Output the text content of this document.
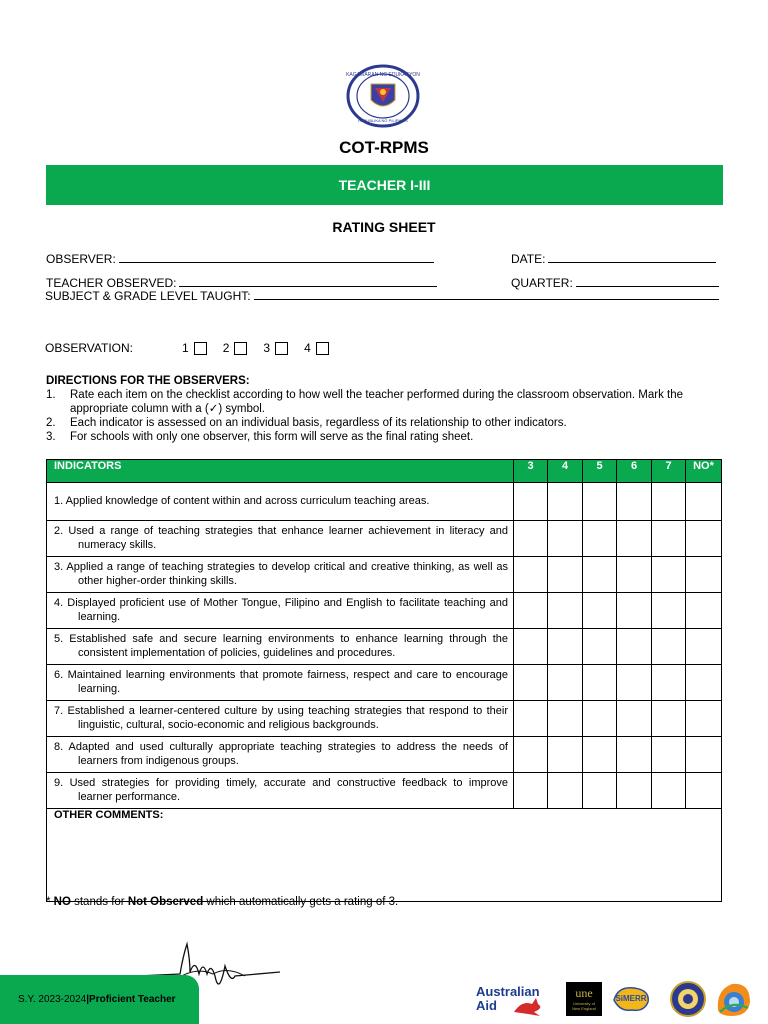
KAGAWARAN NG EDUKASYON
REPUBLIKA NG PILIPINAS
COT-RPMS
TEACHER I-III
RATING SHEET
OBSERVER:	DATE:
TEACHER OBSERVED:	QUARTER:
SUBJECT & GRADE LEVEL TAUGHT:
OBSERVATION:	1	2	3	4
DIRECTIONS FOR THE OBSERVERS:
1.	Rate each item on the checklist according to how well the teacher performed during the classroom observation. Mark the appropriate column with a (✓) symbol.
2.	Each indicator is assessed on an individual basis, regardless of its relationship to other indicators.
3.	For schools with only one observer, this form will serve as the final rating sheet.
INDICATORS	3	4	5	6	7	NO*

1. Applied knowledge of content within and across curriculum teaching areas.						

2. Used a range of teaching strategies that enhance learner achievement in literacy and numeracy skills.						

3. Applied a range of teaching strategies to develop critical and creative thinking, as well as other higher-order thinking skills.						

4. Displayed proficient use of Mother Tongue, Filipino and English to facilitate teaching and learning.						

5. Established safe and secure learning environments to enhance learning through the consistent implementation of policies, guidelines and procedures.						

6. Maintained learning environments that promote fairness, respect and care to encourage learning.						

7. Established a learner-centered culture by using teaching strategies that respond to their linguistic, cultural, socio-economic and religious backgrounds.						

8. Adapted and used culturally appropriate teaching strategies to address the needs of learners from indigenous groups.						

9. Used strategies for providing timely, accurate and constructive feedback to improve learner performance.						

OTHER COMMENTS:						
* NO stands for Not Observed which automatically gets a rating of 3.
S.Y. 2023-2024 | Proficient Teacher
Australian
Aid
une
University of
New England
SiMERR
